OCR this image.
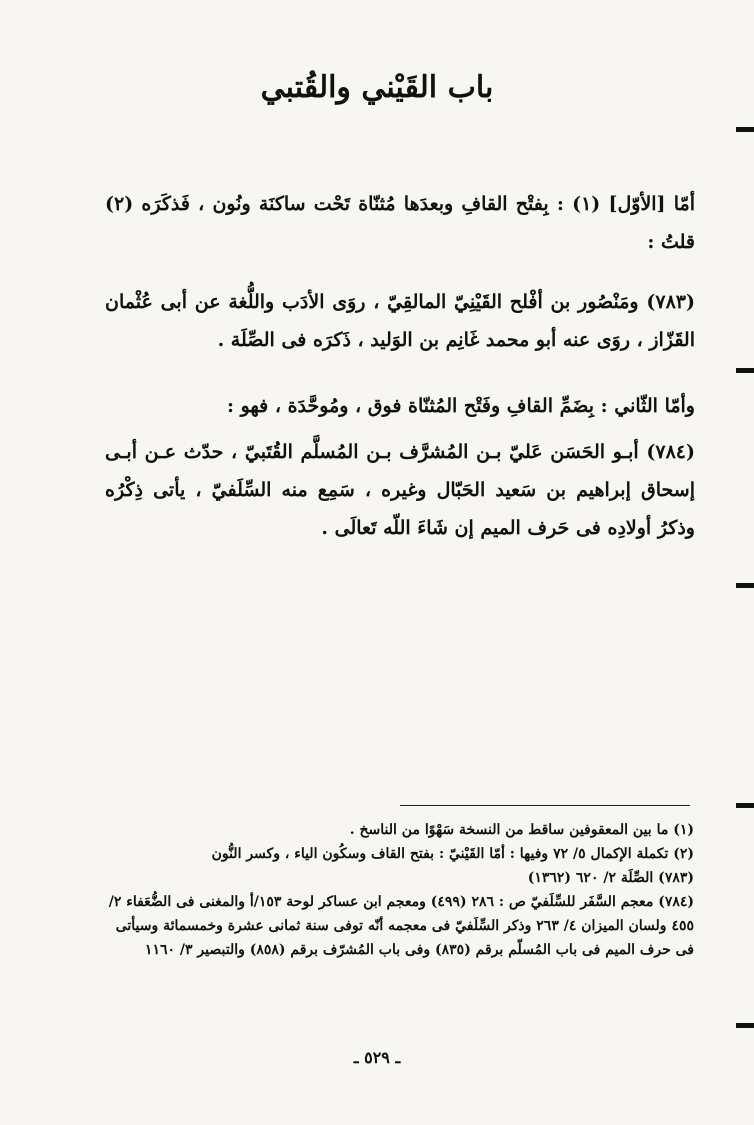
باب القَيْني والقُتبي
أمّا [الأوّل] (١) : بِفتْح القافِ وبعدَها مُثنّاة تَحْت ساكنَة ونُون ، فَذكَرَه (٢) قلتُ :
(٧٨٣) ومَنْصُور بن أفْلح القَيْنِيّ المالقِيّ ، روَى الأدَب واللُّغة عن أبى عُثْمان القَزّاز ، روَى عنه أبو محمد غَانِم بن الوَليد ، ذَكرَه فى الصِّلَة .
وأمّا الثّاني : بِضَمِّ القافِ وفَتْح المُثنّاة فوق ، ومُوحَّدَة ، فهو :
(٧٨٤) أبـو الحَسَن عَليّ بـن المُشرَّف بـن المُسلَّم القُتَبيّ ، حدّث عـن أبـى إسحاق إبراهيم بن سَعيد الحَبّال وغيره ، سَمِع منه السِّلَفيّ ، يأتى ذِكْرُه وذكرُ أولادِه فى حَرف الميم إن شَاءَ اللّه تَعالَى .

(١) ما بين المعقوفين ساقط من النسخة سَهْوًا من الناسخ .

(٢) تكملة الإكمال ٥/ ٧٢ وفيها : أمّا القَيْنيّ : بفتح القاف وسكُون الياء ، وكسر النُّون

(٧٨٣) الصِّلَة ٢/ ٦٢٠ (١٣٦٢)

(٧٨٤) معجم السَّفَر للسِّلَفيّ ص : ٢٨٦ (٤٩٩) ومعجم ابن عساكر لوحة ١٥٣/أ والمغنى فى الضُّعَفاء ٢/ ٤٥٥ ولسان الميزان ٤/ ٢٦٣ وذكر السِّلَفيّ فى معجمه أنّه توفى سنة ثمانى عشرة وخمسمائة وسيأتى فى حرف الميم فى باب المُسلّم برقم (٨٣٥) وفى باب المُشرّف برقم (٨٥٨) والتبصير ٣/ ١١٦٠

ـ ٥٢٩ ـ
